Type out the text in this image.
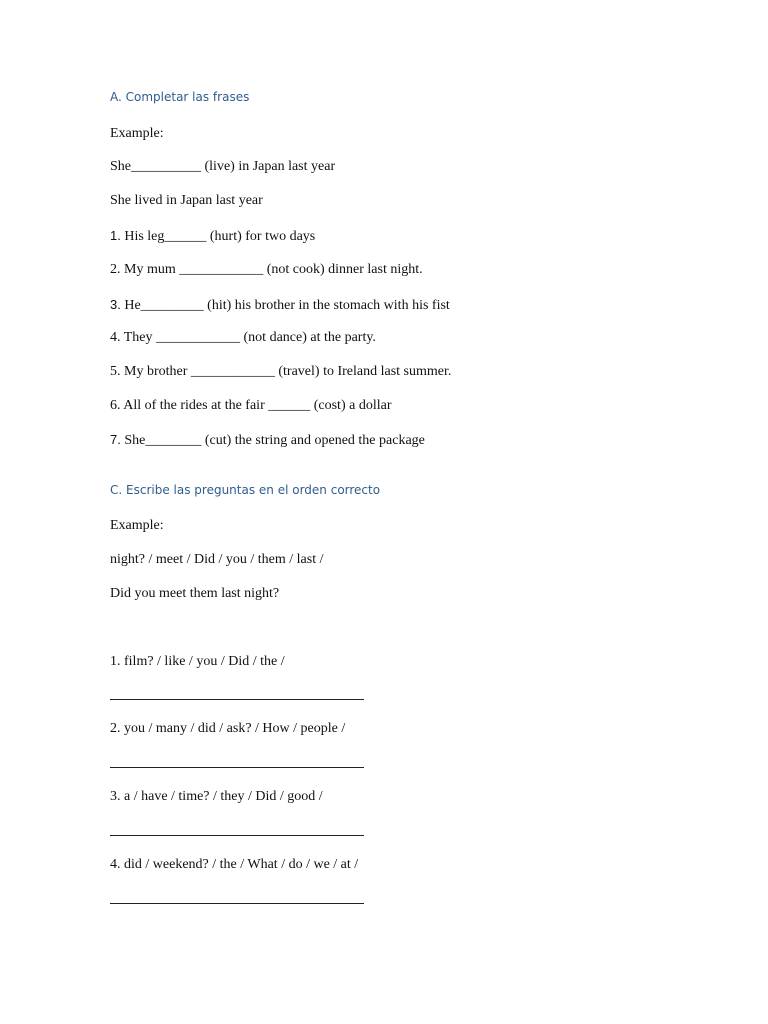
A. Completar las frases
Example:
She__________ (live) in Japan last year
She lived in Japan last year
1. His leg______ (hurt) for two days
2. My mum ____________ (not cook) dinner last night.
3. He_________ (hit) his brother in the stomach with his fist
4. They ____________ (not dance) at the party.
5. My brother ____________ (travel) to Ireland last summer.
6. All of the rides at the fair ______ (cost) a dollar
7. She________ (cut) the string and opened the package
C. Escribe las preguntas en el orden correcto
Example:
night? / meet / Did / you / them / last /
Did you meet them last night?
1. film? / like / you / Did / the /
2. you / many / did / ask? / How / people /
3. a / have / time? / they / Did / good /
4. did / weekend? / the / What / do / we / at /
